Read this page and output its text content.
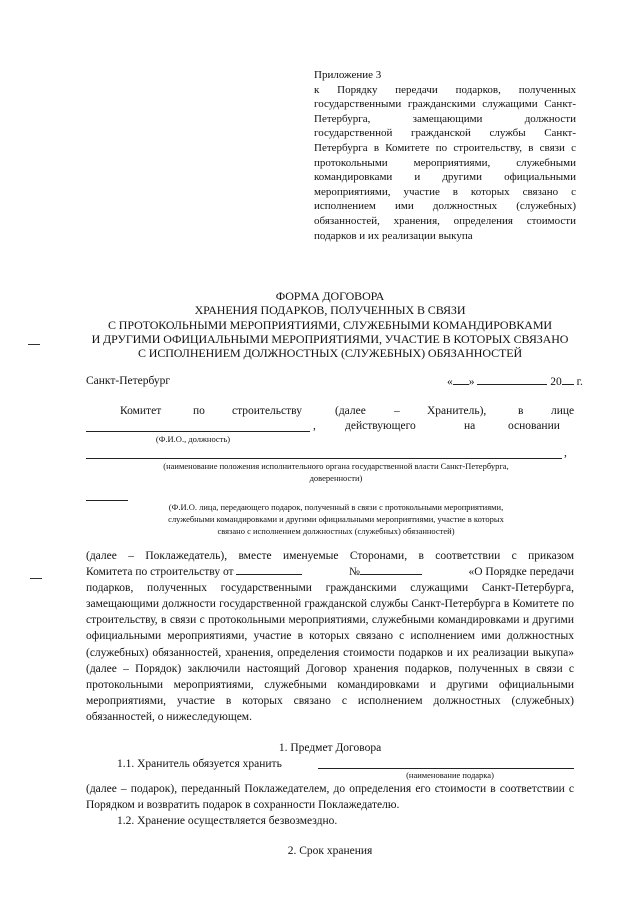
Приложение 3
к Порядку передачи подарков, полученных государственными гражданскими служащими Санкт-Петербурга, замещающими должности государственной гражданской службы Санкт-Петербурга в Комитете по строительству, в связи с протокольными мероприятиями, служебными командировками и другими официальными мероприятиями, участие в которых связано с исполнением ими должностных (служебных) обязанностей, хранения, определения стоимости подарков и их реализации выкупа
ФОРМА ДОГОВОРА
ХРАНЕНИЯ ПОДАРКОВ, ПОЛУЧЕННЫХ В СВЯЗИ
С ПРОТОКОЛЬНЫМИ МЕРОПРИЯТИЯМИ, СЛУЖЕБНЫМИ КОМАНДИРОВКАМИ
И ДРУГИМИ ОФИЦИАЛЬНЫМИ МЕРОПРИЯТИЯМИ, УЧАСТИЕ В КОТОРЫХ СВЯЗАНО
С ИСПОЛНЕНИЕМ ДОЛЖНОСТНЫХ (СЛУЖЕБНЫХ) ОБЯЗАННОСТЕЙ
Санкт-Петербург	« »	20 г.
Комитет	по строительству	(далее – Хранитель),	в лице
,	действующего	на	основании
(Ф.И.О., должность)
,
(наименование положения исполнительного органа государственной власти Санкт-Петербурга,
доверенности)
(Ф.И.О. лица, передающего подарок, полученный в связи с протокольными мероприятиями,
служебными командировками и другими официальными мероприятиями, участие в которых
связано с исполнением должностных (служебных) обязанностей)
(далее – Поклажедатель), вместе именуемые Сторонами, в соответствии с приказом
Комитета по строительству от	№	«О Порядке передачи
подарков, полученных государственными гражданскими служащими Санкт-Петербурга, замещающими должности государственной гражданской службы Санкт-Петербурга в Комитете по строительству, в связи с протокольными мероприятиями, служебными командировками и другими официальными мероприятиями, участие в которых связано с исполнением ими должностных (служебных) обязанностей, хранения, определения стоимости подарков и их реализации выкупа» (далее – Порядок) заключили настоящий Договор хранения подарков, полученных в связи с протокольными мероприятиями, служебными командировками и другими официальными мероприятиями, участие в которых связано с исполнением должностных (служебных) обязанностей, о нижеследующем.
1. Предмет Договора
1.1. Хранитель обязуется хранить
(наименование подарка)
(далее – подарок), переданный Поклажедателем, до определения его стоимости в соответствии с Порядком и возвратить подарок в сохранности Поклажедателю.
1.2. Хранение осуществляется безвозмездно.
2. Срок хранения
